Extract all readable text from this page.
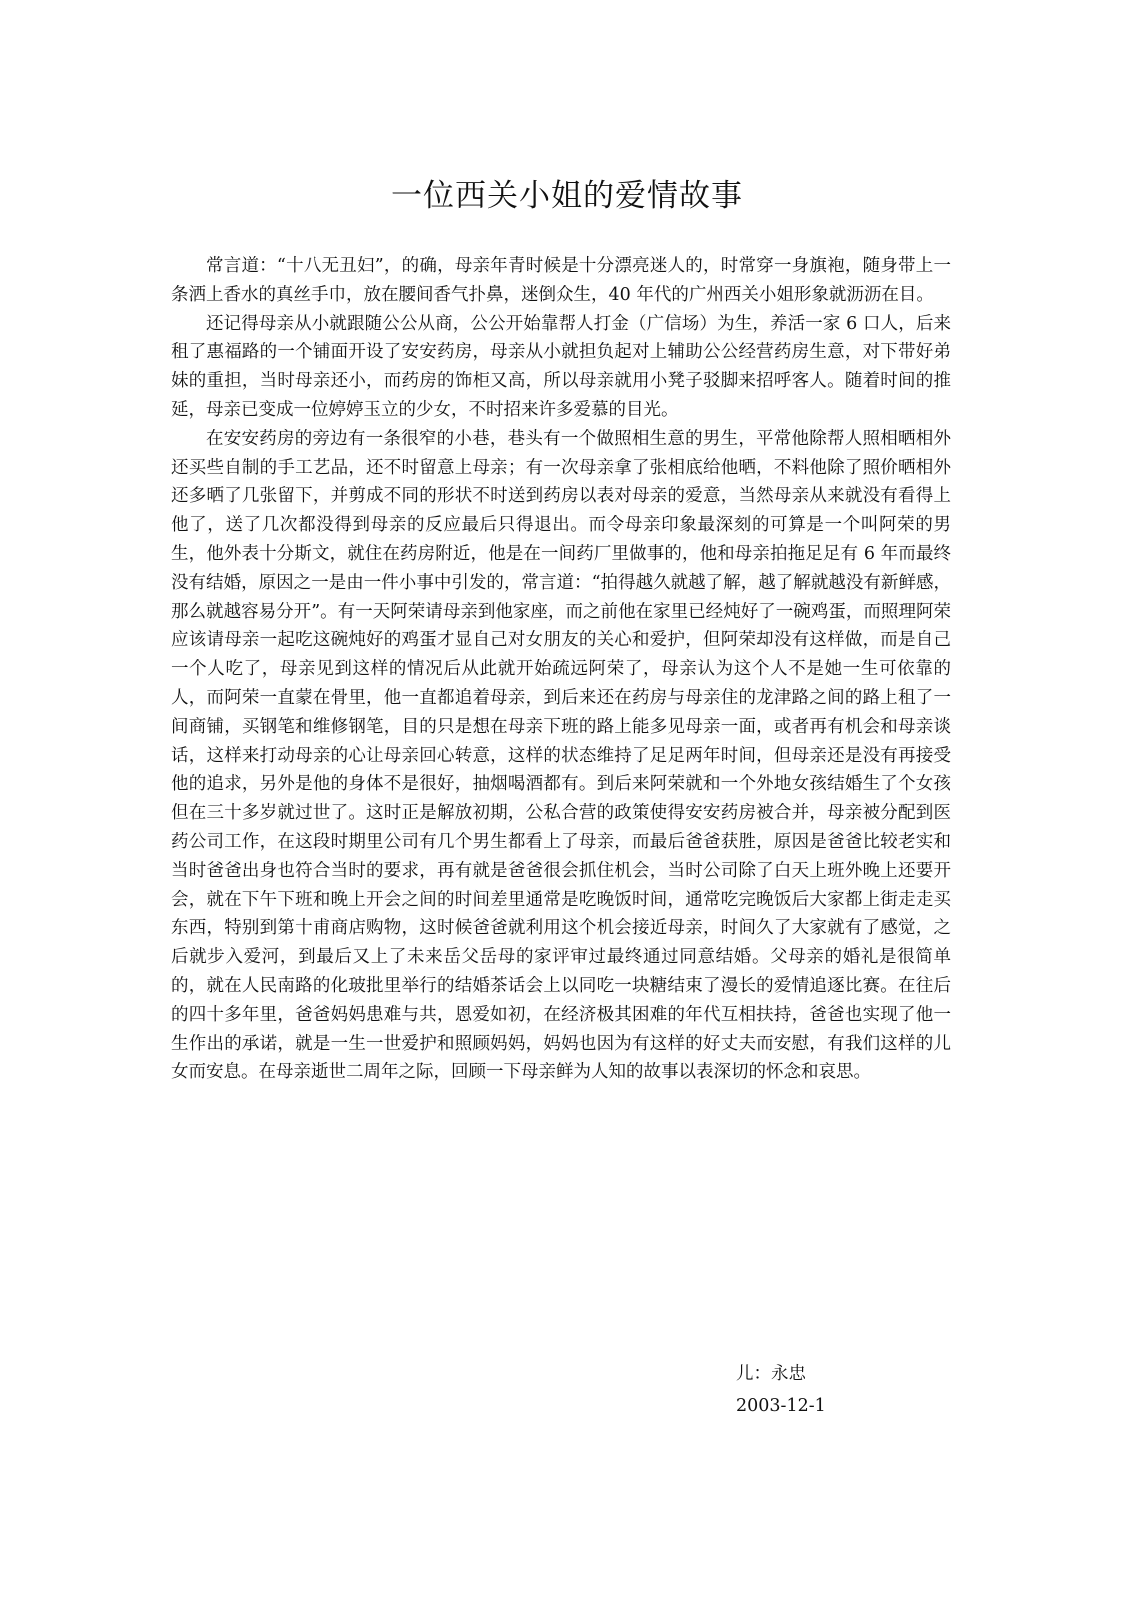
一位西关小姐的爱情故事

常言道：“十八无丑妇”，的确，母亲年青时候是十分漂亮迷人的，时常穿一身旗袍，随身带上一条洒上香水的真丝手巾，放在腰间香气扑鼻，迷倒众生，40 年代的广州西关小姐形象就沥沥在目。

还记得母亲从小就跟随公公从商，公公开始靠帮人打金（广信场）为生，养活一家 6 口人，后来租了惠福路的一个铺面开设了安安药房，母亲从小就担负起对上辅助公公经营药房生意，对下带好弟妹的重担，当时母亲还小，而药房的饰柜又高，所以母亲就用小凳子驳脚来招呼客人。随着时间的推延，母亲已变成一位婷婷玉立的少女，不时招来许多爱慕的目光。

在安安药房的旁边有一条很窄的小巷，巷头有一个做照相生意的男生，平常他除帮人照相晒相外还买些自制的手工艺品，还不时留意上母亲；有一次母亲拿了张相底给他晒，不料他除了照价晒相外还多晒了几张留下，并剪成不同的形状不时送到药房以表对母亲的爱意，当然母亲从来就没有看得上他了，送了几次都没得到母亲的反应最后只得退出。而令母亲印象最深刻的可算是一个叫阿荣的男生，他外表十分斯文，就住在药房附近，他是在一间药厂里做事的，他和母亲拍拖足足有 6 年而最终没有结婚，原因之一是由一件小事中引发的，常言道：“拍得越久就越了解，越了解就越没有新鲜感，那么就越容易分开”。有一天阿荣请母亲到他家座，而之前他在家里已经炖好了一碗鸡蛋，而照理阿荣应该请母亲一起吃这碗炖好的鸡蛋才显自己对女朋友的关心和爱护，但阿荣却没有这样做，而是自己一个人吃了，母亲见到这样的情况后从此就开始疏远阿荣了，母亲认为这个人不是她一生可依靠的人，而阿荣一直蒙在骨里，他一直都追着母亲，到后来还在药房与母亲住的龙津路之间的路上租了一间商铺，买钢笔和维修钢笔，目的只是想在母亲下班的路上能多见母亲一面，或者再有机会和母亲谈话，这样来打动母亲的心让母亲回心转意，这样的状态维持了足足两年时间，但母亲还是没有再接受他的追求，另外是他的身体不是很好，抽烟喝酒都有。到后来阿荣就和一个外地女孩结婚生了个女孩但在三十多岁就过世了。这时正是解放初期，公私合营的政策使得安安药房被合并，母亲被分配到医药公司工作，在这段时期里公司有几个男生都看上了母亲，而最后爸爸获胜，原因是爸爸比较老实和当时爸爸出身也符合当时的要求，再有就是爸爸很会抓住机会，当时公司除了白天上班外晚上还要开会，就在下午下班和晚上开会之间的时间差里通常是吃晚饭时间，通常吃完晚饭后大家都上街走走买东西，特别到第十甫商店购物，这时候爸爸就利用这个机会接近母亲，时间久了大家就有了感觉，之后就步入爱河，到最后又上了未来岳父岳母的家评审过最终通过同意结婚。父母亲的婚礼是很简单的，就在人民南路的化玻批里举行的结婚茶话会上以同吃一块糖结束了漫长的爱情追逐比赛。在往后的四十多年里，爸爸妈妈患难与共，恩爱如初，在经济极其困难的年代互相扶持，爸爸也实现了他一生作出的承诺，就是一生一世爱护和照顾妈妈，妈妈也因为有这样的好丈夫而安慰，有我们这样的儿女而安息。在母亲逝世二周年之际，回顾一下母亲鲜为人知的故事以表深切的怀念和哀思。

儿：永忠
2003-12-1
